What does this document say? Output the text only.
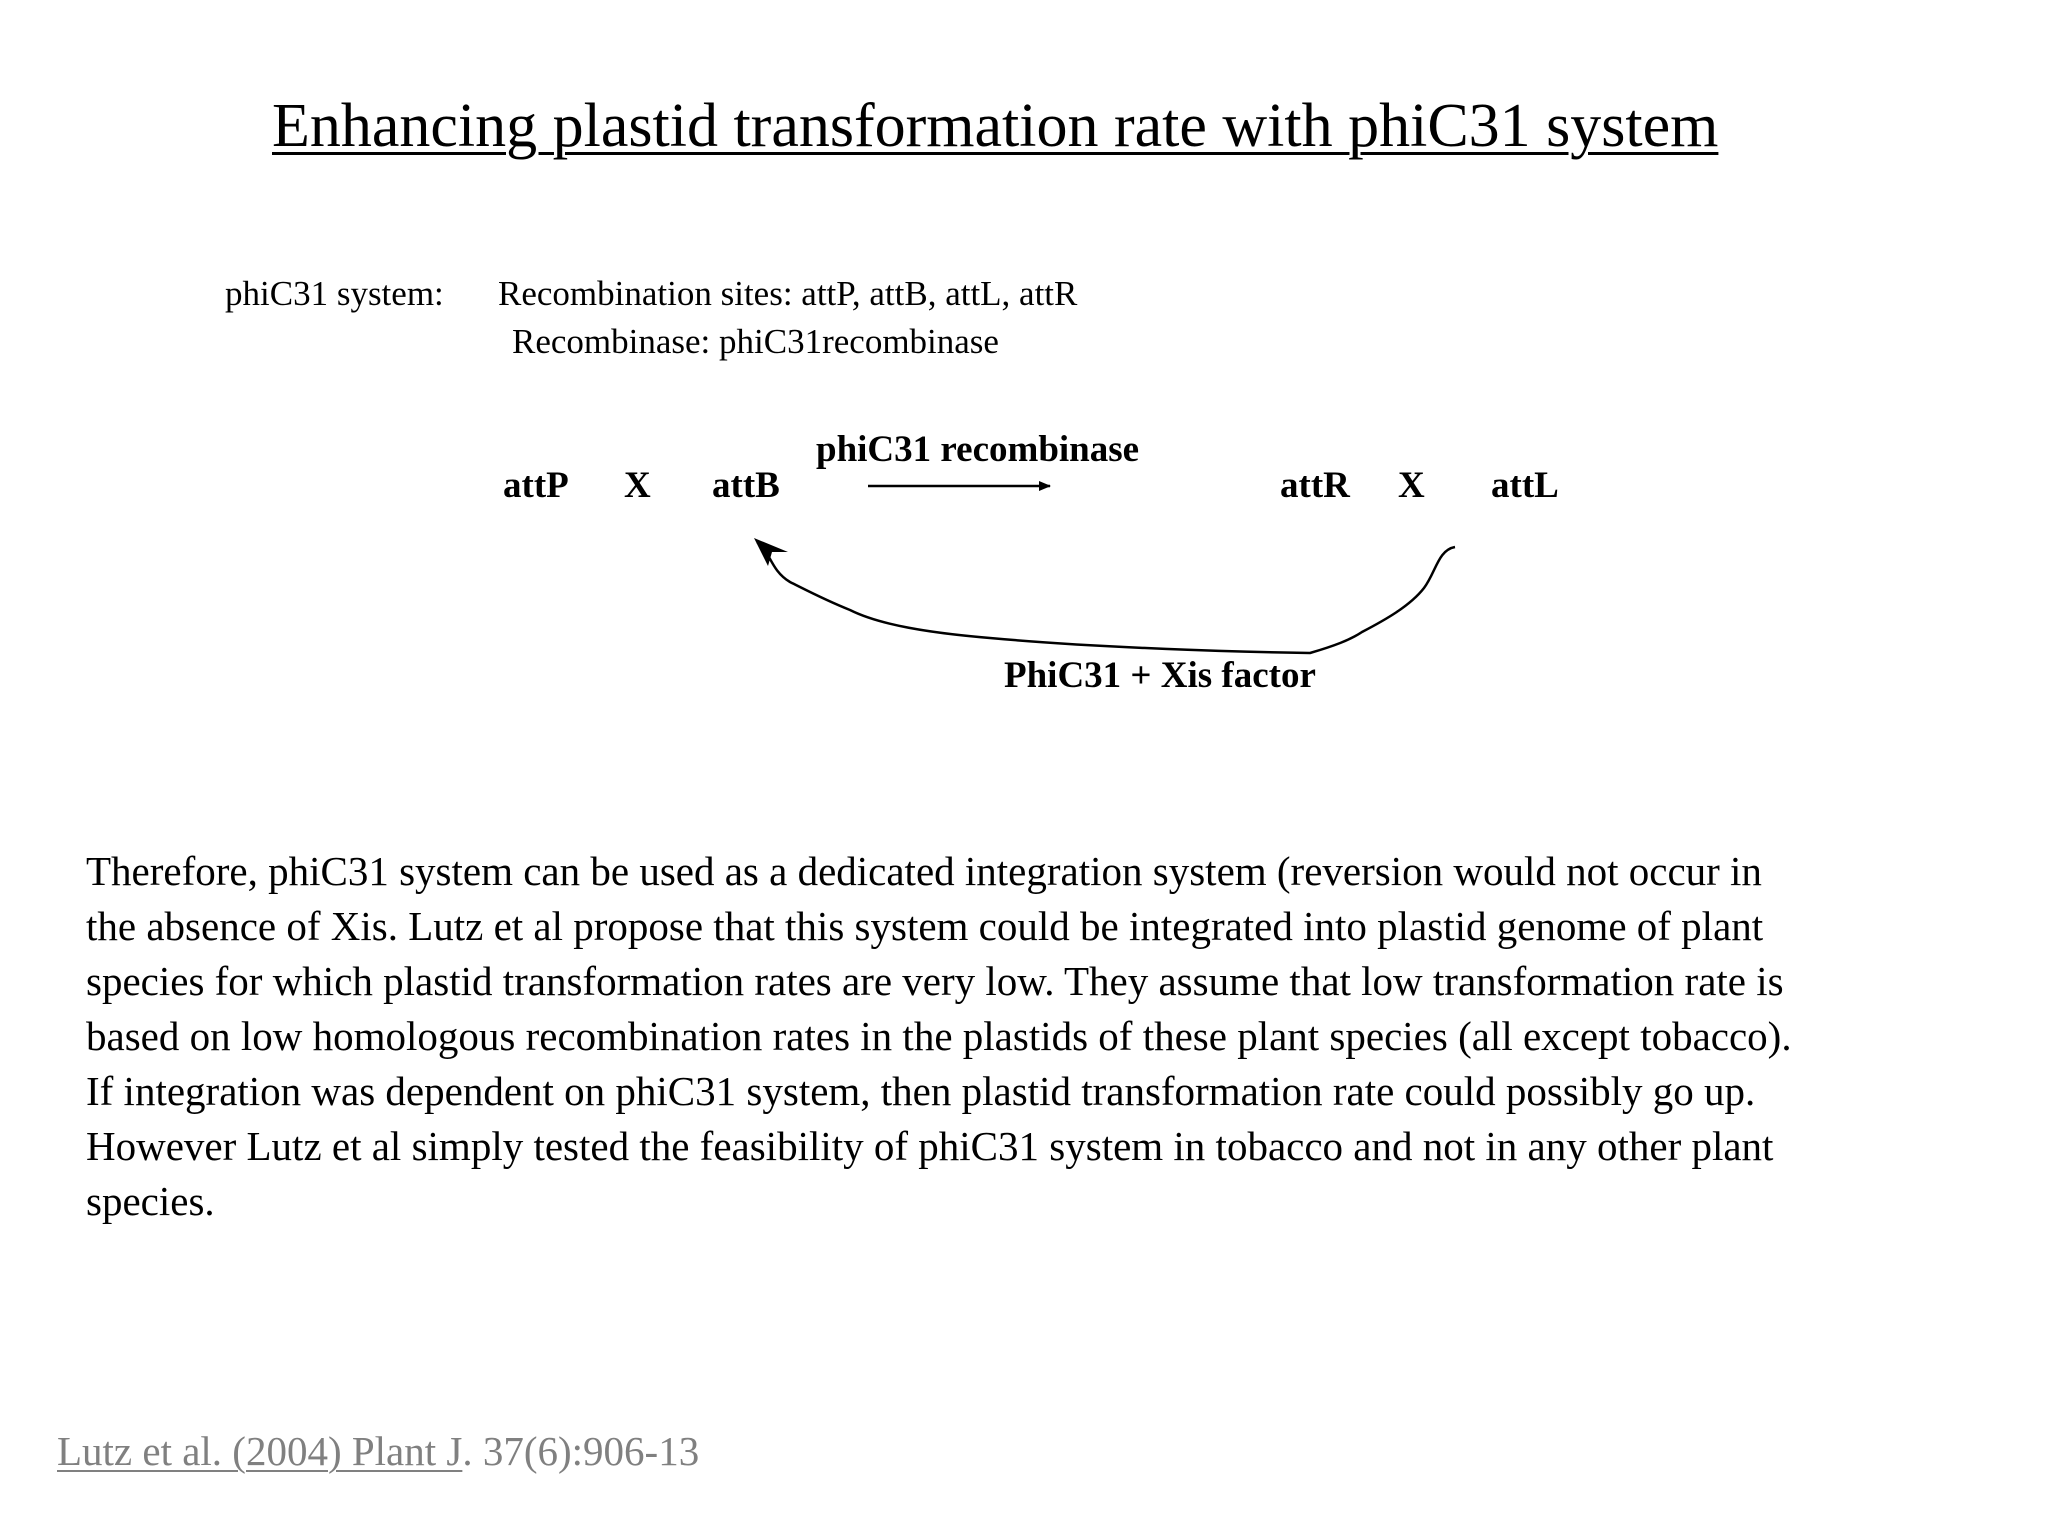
Enhancing plastid transformation rate with phiC31 system
phiC31 system: Recombination sites: attP, attB, attL, attR
Recombinase: phiC31recombinase
phiC31 recombinase
attP X attB	attR X attL
PhiC31 + Xis factor

Therefore, phiC31 system can be used as a dedicated integration system (reversion would not occur in

the absence of Xis. Lutz et al propose that this system could be integrated into plastid genome of plant

species for which plastid transformation rates are very low. They assume that low transformation rate is

based on low homologous recombination rates in the plastids of these plant species (all except tobacco).

If integration was dependent on phiC31 system, then plastid transformation rate could possibly go up.

However Lutz et al simply tested the feasibility of phiC31 system in tobacco and not in any other plant

species.

Lutz et al. (2004) Plant J. 37(6):906-13
